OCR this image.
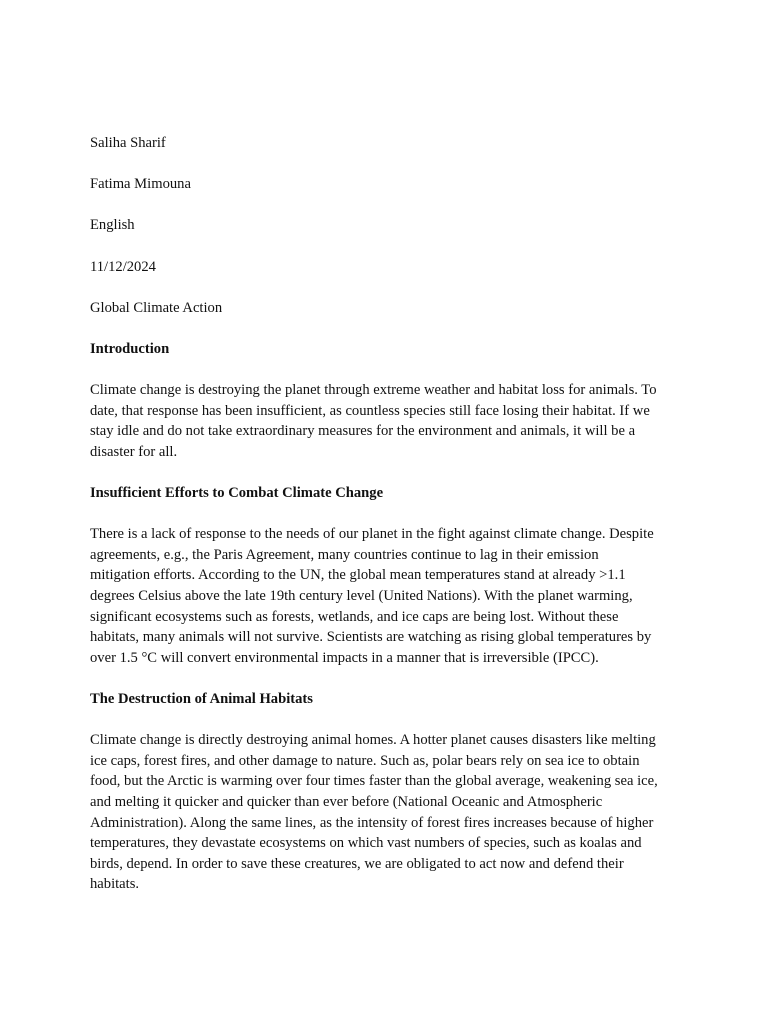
Saliha Sharif

Fatima Mimouna

English

11/12/2024

Global Climate Action

Introduction

Climate change is destroying the planet through extreme weather and habitat loss for animals. To

date, that response has been insufficient, as countless species still face losing their habitat. If we

stay idle and do not take extraordinary measures for the environment and animals, it will be a

disaster for all.

Insufficient Efforts to Combat Climate Change

There is a lack of response to the needs of our planet in the fight against climate change. Despite

agreements, e.g., the Paris Agreement, many countries continue to lag in their emission

mitigation efforts. According to the UN, the global mean temperatures stand at already >1.1

degrees Celsius above the late 19th century level (United Nations). With the planet warming,

significant ecosystems such as forests, wetlands, and ice caps are being lost. Without these

habitats, many animals will not survive. Scientists are watching as rising global temperatures by

over 1.5 °C will convert environmental impacts in a manner that is irreversible (IPCC).

The Destruction of Animal Habitats

Climate change is directly destroying animal homes. A hotter planet causes disasters like melting

ice caps, forest fires, and other damage to nature. Such as, polar bears rely on sea ice to obtain

food, but the Arctic is warming over four times faster than the global average, weakening sea ice,

and melting it quicker and quicker than ever before (National Oceanic and Atmospheric

Administration). Along the same lines, as the intensity of forest fires increases because of higher

temperatures, they devastate ecosystems on which vast numbers of species, such as koalas and

birds, depend. In order to save these creatures, we are obligated to act now and defend their

habitats.
